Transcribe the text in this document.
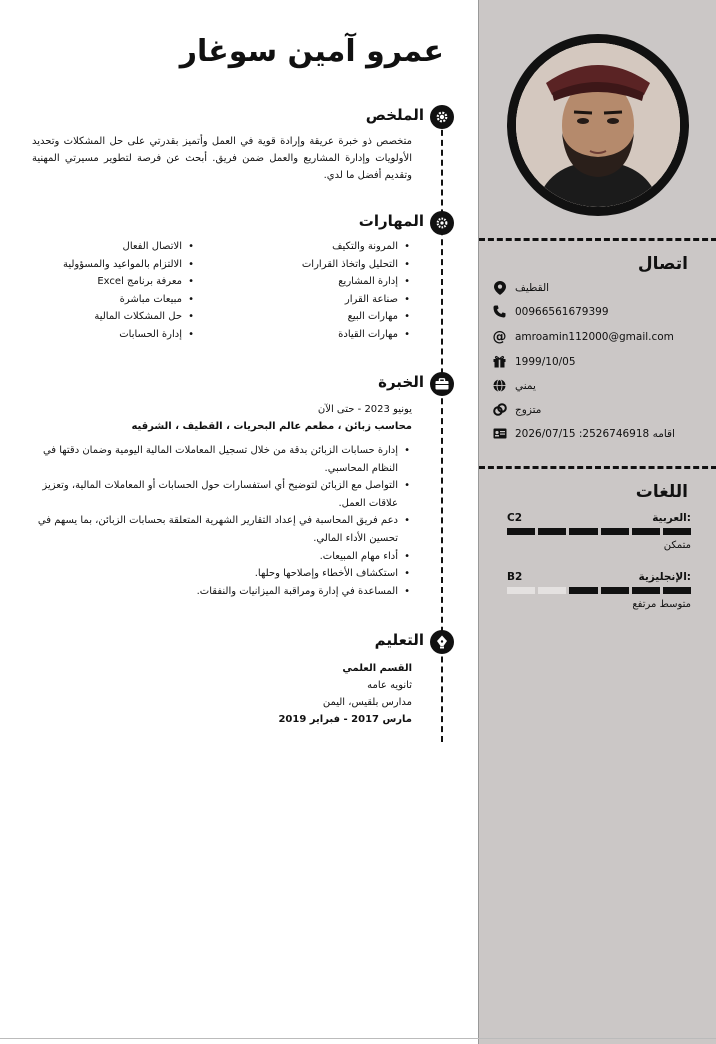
اتصال
القطيف
00966561679399
@ amroamin112000@gmail.com
1999/10/05
يمني
متزوج
اقامه 2526746918: 2026/07/15
اللغات
C2	العربية:
متمكن
B2	الإنجليزية:
متوسط مرتفع
عمرو آمين سوغار
الملخص
متخصص ذو خبرة عريقة وإرادة قوية في العمل وأتميز بقدرتي على حل المشكلات وتحديد الأولويات وإدارة المشاريع والعمل ضمن فريق. أبحث عن فرصة لتطوير مسيرتي المهنية وتقديم أفضل ما لدي.
المهارات
• المرونة والتكيف
• التحليل واتخاذ القرارات
• إدارة المشاريع
• صناعة القرار
• مهارات البيع
• مهارات القيادة
• الاتصال الفعال
• الالتزام بالمواعيد والمسؤولية
• معرفة برنامج Excel
• مبيعات مباشرة
• حل المشكلات المالية
• إدارة الحسابات
الخبرة
يونيو 2023 - حتى الآن
محاسب زبائن ، مطعم عالم البحريات ، القطيف ، الشرقيه
• إدارة حسابات الزبائن بدقة من خلال تسجيل المعاملات المالية اليومية وضمان دقتها في النظام المحاسبي.
• التواصل مع الزبائن لتوضيح أي استفسارات حول الحسابات أو المعاملات المالية، وتعزيز علاقات العمل.
• دعم فريق المحاسبة في إعداد التقارير الشهرية المتعلقة بحسابات الزبائن، بما يسهم في تحسين الأداء المالي.
• أداء مهام المبيعات.
• استكشاف الأخطاء وإصلاحها وحلها.
• المساعدة في إدارة ومراقبة الميزانيات والنفقات.
التعليم
القسم العلمي
ثانويه عامه
مدارس بلقيس، اليمن
مارس 2017 - فبراير 2019
